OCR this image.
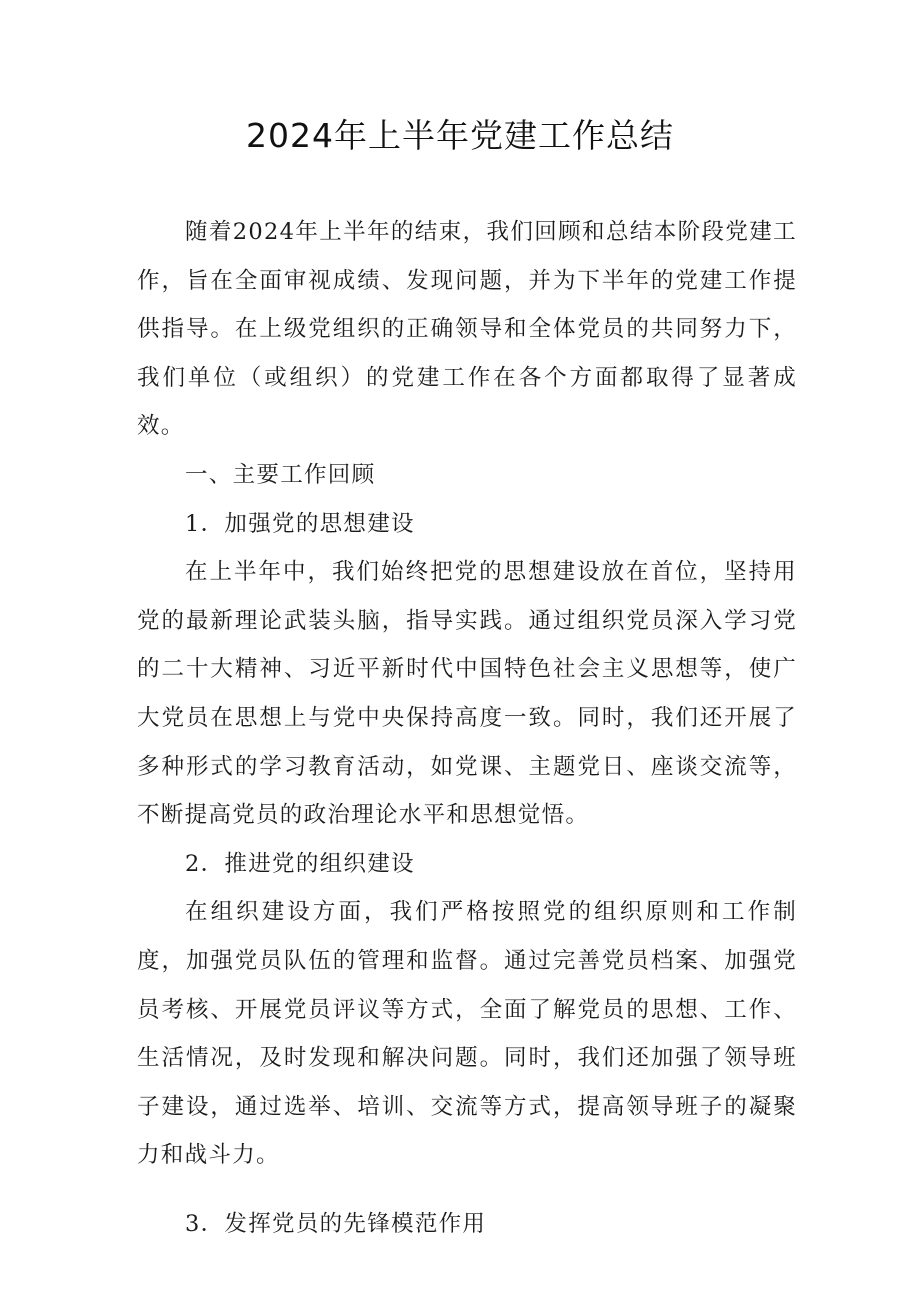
2024年上半年党建工作总结

随着2024年上半年的结束，我们回顾和总结本阶段党建工作，旨在全面审视成绩、发现问题，并为下半年的党建工作提供指导。在上级党组织的正确领导和全体党员的共同努力下，我们单位（或组织）的党建工作在各个方面都取得了显著成效。

一、主要工作回顾

1．加强党的思想建设

在上半年中，我们始终把党的思想建设放在首位，坚持用党的最新理论武装头脑，指导实践。通过组织党员深入学习党的二十大精神、习近平新时代中国特色社会主义思想等，使广大党员在思想上与党中央保持高度一致。同时，我们还开展了多种形式的学习教育活动，如党课、主题党日、座谈交流等，不断提高党员的政治理论水平和思想觉悟。

2．推进党的组织建设

在组织建设方面，我们严格按照党的组织原则和工作制度，加强党员队伍的管理和监督。通过完善党员档案、加强党员考核、开展党员评议等方式，全面了解党员的思想、工作、生活情况，及时发现和解决问题。同时，我们还加强了领导班子建设，通过选举、培训、交流等方式，提高领导班子的凝聚力和战斗力。

3．发挥党员的先锋模范作用
